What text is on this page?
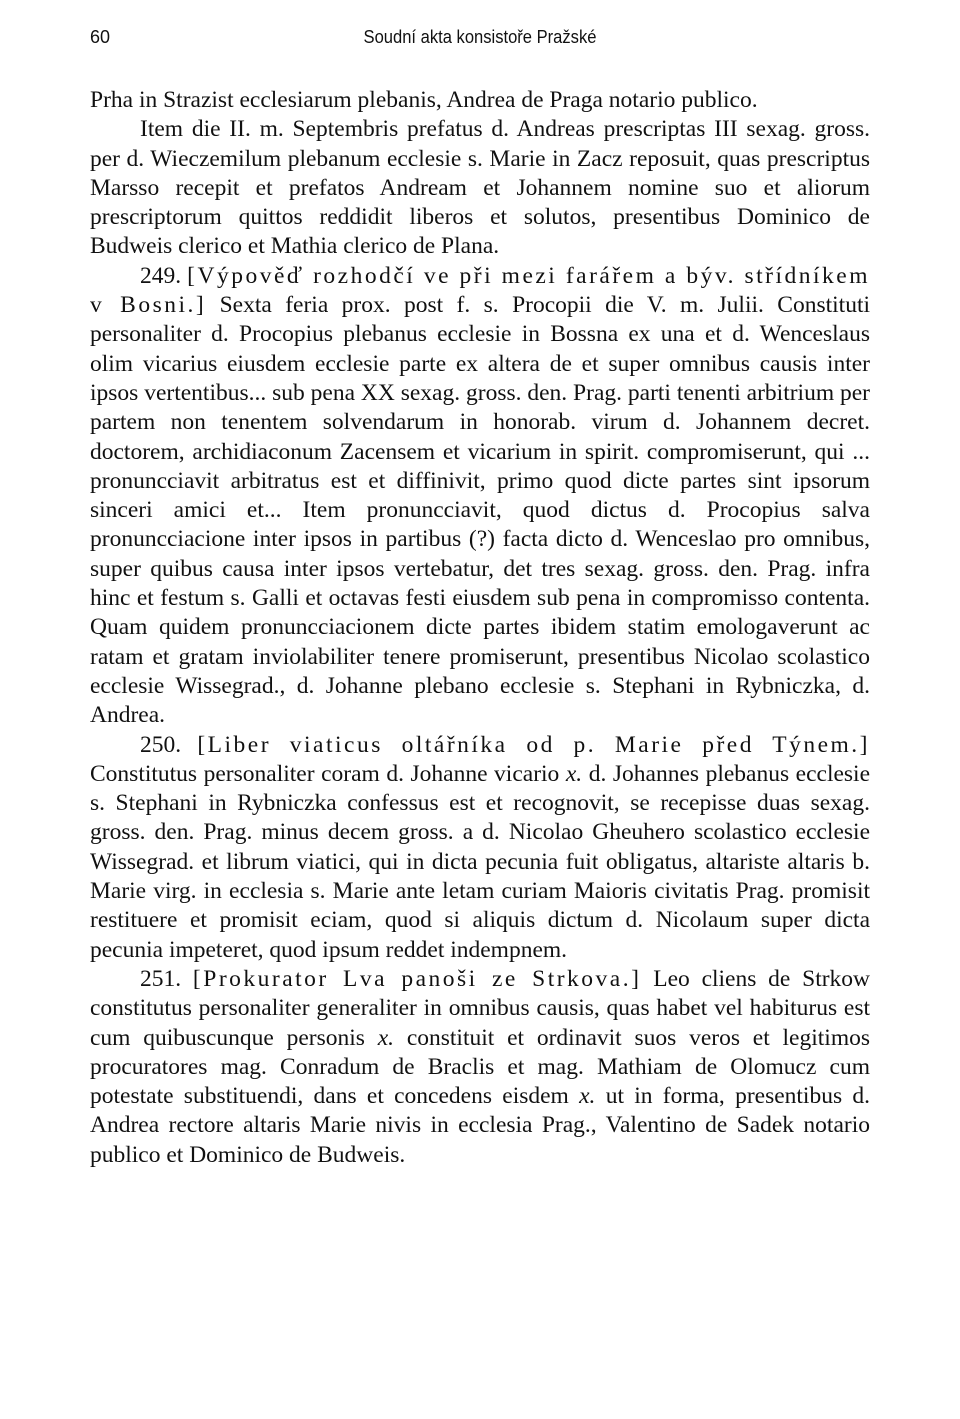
60	Soudní akta konsistoře Pražské

Prha in Strazist ecclesiarum plebanis, Andrea de Praga notario publico.

Item die II. m. Septembris prefatus d. Andreas prescriptas III sexag. gross. per d. Wieczemilum plebanum ecclesie s. Marie in Zacz reposuit, quas prescriptus Marsso recepit et prefatos Andream et Johannem nomine suo et aliorum prescriptorum quittos reddidit liberos et solutos, presentibus Dominico de Budweis clerico et Mathia clerico de Plana.

249. [Výpověď rozhodčí ve při mezi farářem a býv. střídníkem v Bosni.] Sexta feria prox. post f. s. Procopii die V. m. Julii. Constituti personaliter d. Procopius plebanus ecclesie in Bossna ex una et d. Wenceslaus olim vicarius eiusdem ecclesie parte ex altera de et super omnibus causis inter ipsos vertentibus... sub pena XX sexag. gross. den. Prag. parti tenenti arbitrium per partem non tenentem solvendarum in honorab. virum d. Johannem decret. doctorem, archidiaconum Zacensem et vicarium in spirit. compromiserunt, qui ... pronuncciavit arbitratus est et diffinivit, primo quod dicte partes sint ipsorum sinceri amici et... Item pronuncciavit, quod dictus d. Procopius salva pronuncciacione inter ipsos in partibus (?) facta dicto d. Wenceslao pro omnibus, super quibus causa inter ipsos vertebatur, det tres sexag. gross. den. Prag. infra hinc et festum s. Galli et octavas festi eiusdem sub pena in compromisso contenta. Quam quidem pronuncciacionem dicte partes ibidem statim emologaverunt ac ratam et gratam inviolabiliter tenere promiserunt, presentibus Nicolao scolastico ecclesie Wissegrad., d. Johanne plebano ecclesie s. Stephani in Rybniczka, d. Andrea.

250. [Liber viaticus oltářníka od p. Marie před Týnem.] Constitutus personaliter coram d. Johanne vicario x. d. Johannes plebanus ecclesie s. Stephani in Rybniczka confessus est et recognovit, se recepisse duas sexag. gross. den. Prag. minus decem gross. a d. Nicolao Gheuhero scolastico ecclesie Wissegrad. et librum viatici, qui in dicta pecunia fuit obligatus, altariste altaris b. Marie virg. in ecclesia s. Marie ante letam curiam Maioris civitatis Prag. promisit restituere et promisit eciam, quod si aliquis dictum d. Nicolaum super dicta pecunia impeteret, quod ipsum reddet indempnem.

251. [Prokurator Lva panoši ze Strkova.] Leo cliens de Strkow constitutus personaliter generaliter in omnibus causis, quas habet vel habiturus est cum quibuscunque personis x. constituit et ordinavit suos veros et legitimos procuratores mag. Conradum de Braclis et mag. Mathiam de Olomucz cum potestate substituendi, dans et concedens eisdem x. ut in forma, presentibus d. Andrea rectore altaris Marie nivis in ecclesia Prag., Valentino de Sadek notario publico et Dominico de Budweis.
